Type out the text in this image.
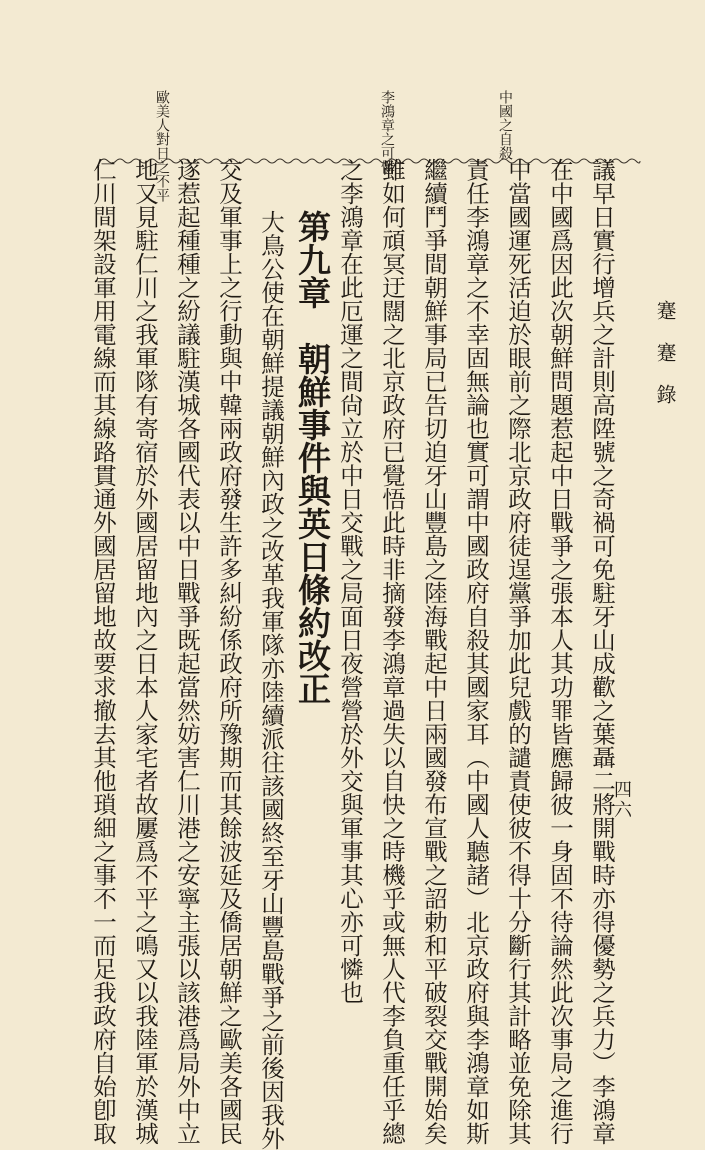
蹇蹇錄
四六
中國之自殺
李鴻章之可憐
歐美人對日之不平
議早日實行增兵之計則高陞號之奇禍可免駐牙山成歡之葉聶二將開戰時亦得優勢之兵力）李鴻章
在中國爲因此次朝鮮問題惹起中日戰爭之張本人其功罪皆應歸彼一身固不待論然此次事局之進行
中當國運死活迫於眼前之際北京政府徒逞黨爭加此兒戲的譴責使彼不得十分斷行其計略並免除其
責任李鴻章之不幸固無論也實可謂中國政府自殺其國家耳（中國人聽諸）北京政府與李鴻章如斯
繼續鬥爭間朝鮮事局已告切迫牙山豐島之陸海戰起中日兩國發布宣戰之詔勅和平破裂交戰開始矣
雖如何頑冥迂闊之北京政府已覺悟此時非摘發李鴻章過失以自快之時機乎或無人代李負重任乎總
之李鴻章在此厄運之間尙立於中日交戰之局面日夜營營於外交與軍事其心亦可憐也
第九章　朝鮮事件與英日條約改正
大鳥公使在朝鮮提議朝鮮內政之改革我軍隊亦陸續派往該國終至牙山豐島戰爭之前後因我外
交及軍事上之行動與中韓兩政府發生許多糾紛係政府所豫期而其餘波延及僑居朝鮮之歐美各國民
遂惹起種種之紛議駐漢城各國代表以中日戰爭既起當然妨害仁川港之安寧主張以該港爲局外中立
地又見駐仁川之我軍隊有寄宿於外國居留地內之日本人家宅者故屢爲不平之鳴又以我陸軍於漢城
仁川間架設軍用電線而其線路貫通外國居留地故要求撤去其他瑣細之事不一而足我政府自始卽取
